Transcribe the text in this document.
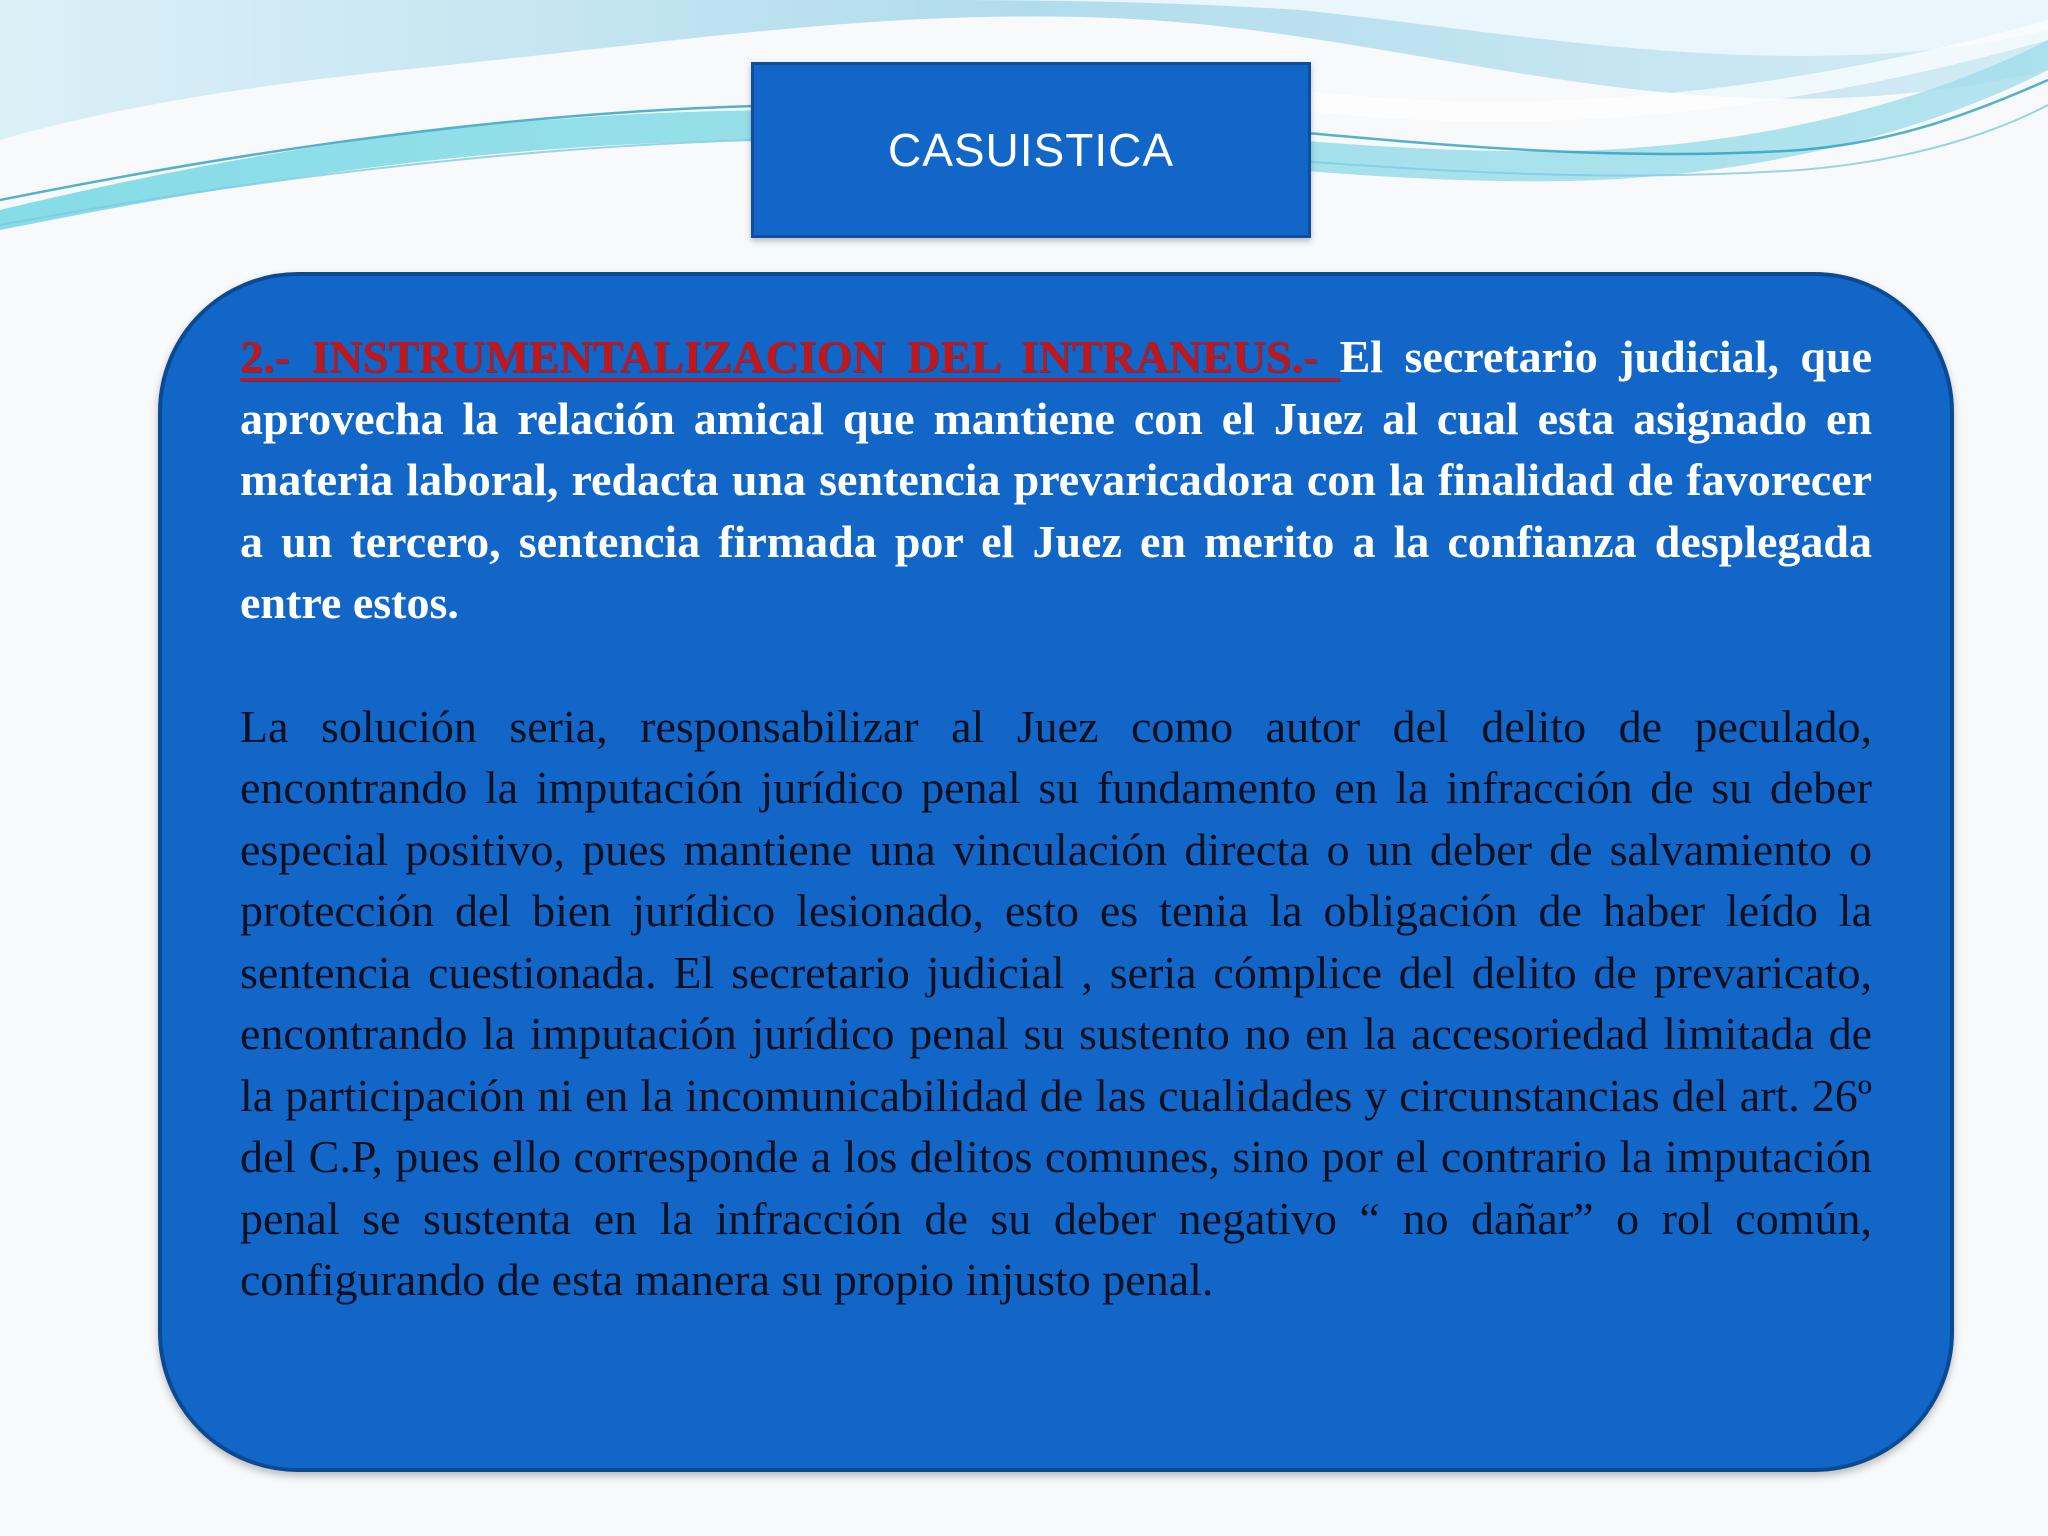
CASUISTICA

2.- INSTRUMENTALIZACION DEL INTRANEUS.- El secretario judicial, que aprovecha la relación amical que mantiene con el Juez al cual esta asignado en materia laboral, redacta una sentencia prevaricadora con la finalidad de favorecer a un tercero, sentencia firmada por el Juez en merito a la confianza desplegada entre estos.

La solución seria, responsabilizar al Juez como autor del delito de peculado, encontrando la imputación jurídico penal su fundamento en la infracción de su deber especial positivo, pues mantiene una vinculación directa o un deber de salvamiento o protección del bien jurídico lesionado, esto es tenia la obligación de haber leído la sentencia cuestionada. El secretario judicial , seria cómplice del delito de prevaricato, encontrando la imputación jurídico penal su sustento no en la accesoriedad limitada de la participación ni en la incomunicabilidad de las cualidades y circunstancias del art. 26º del C.P, pues ello corresponde a los delitos comunes, sino por el contrario la imputación penal se sustenta en la infracción de su deber negativo “ no dañar” o rol común, configurando de esta manera su propio injusto penal.
